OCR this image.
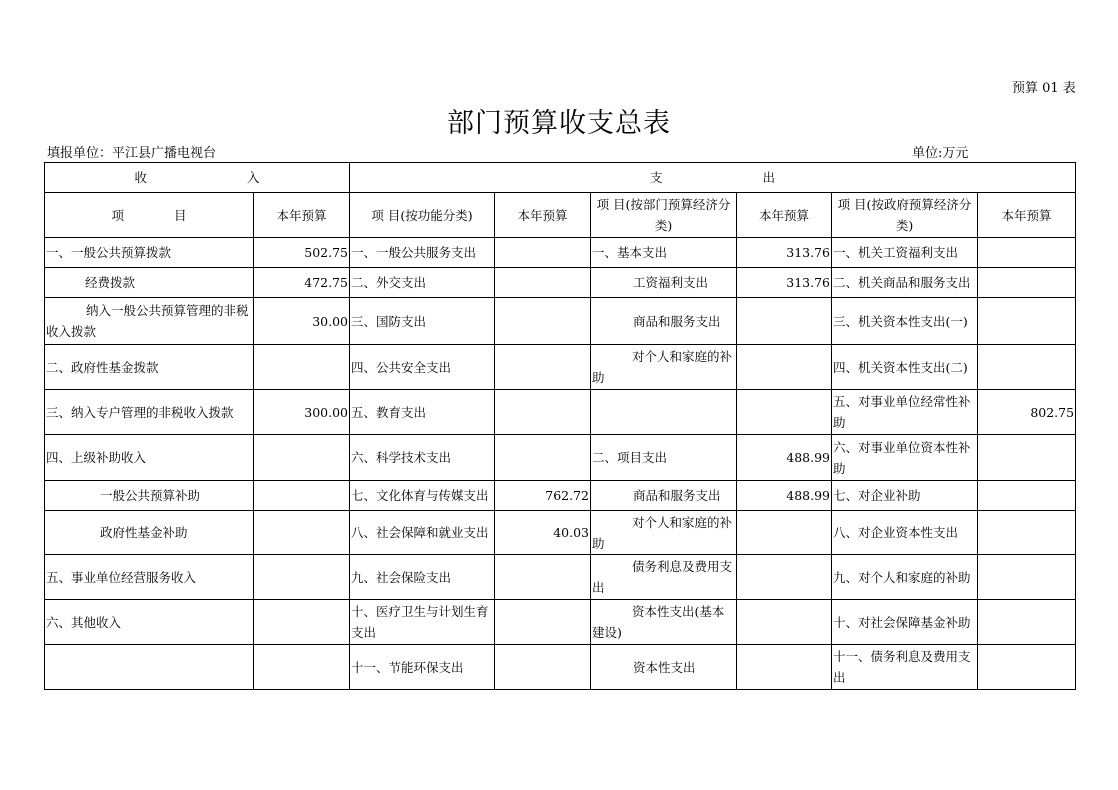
预算 01 表
部门预算收支总表
填报单位：平江县广播电视台	单位:万元
收　　　　　　　　入		支　　　　　　　　出					
项　　　　目	本年预算	项 目(按功能分类)	本年预算	项 目(按部门预算经济分类)	本年预算	项 目(按政府预算经济分类)	本年预算
一、一般公共预算拨款	502.75	一、一般公共服务支出		一、基本支出	313.76	一、机关工资福利支出	
经费拨款	472.75	二、外交支出		工资福利支出	313.76	二、机关商品和服务支出	
纳入一般公共预算管理的非税收入拨款	30.00	三、国防支出		商品和服务支出		三、机关资本性支出(一)	
二、政府性基金拨款		四、公共安全支出		对个人和家庭的补助		四、机关资本性支出(二)	
三、纳入专户管理的非税收入拨款	300.00	五、教育支出				五、对事业单位经常性补助	802.75
四、上级补助收入		六、科学技术支出		二、项目支出	488.99	六、对事业单位资本性补助	
一般公共预算补助		七、文化体育与传媒支出	762.72	商品和服务支出	488.99	七、对企业补助	
政府性基金补助		八、社会保障和就业支出	40.03	对个人和家庭的补助		八、对企业资本性支出	
五、事业单位经营服务收入		九、社会保险支出		债务利息及费用支出		九、对个人和家庭的补助	
六、其他收入		十、医疗卫生与计划生育支出		资本性支出(基本建设)		十、对社会保障基金补助	
		十一、节能环保支出		资本性支出		十一、债务利息及费用支出	
